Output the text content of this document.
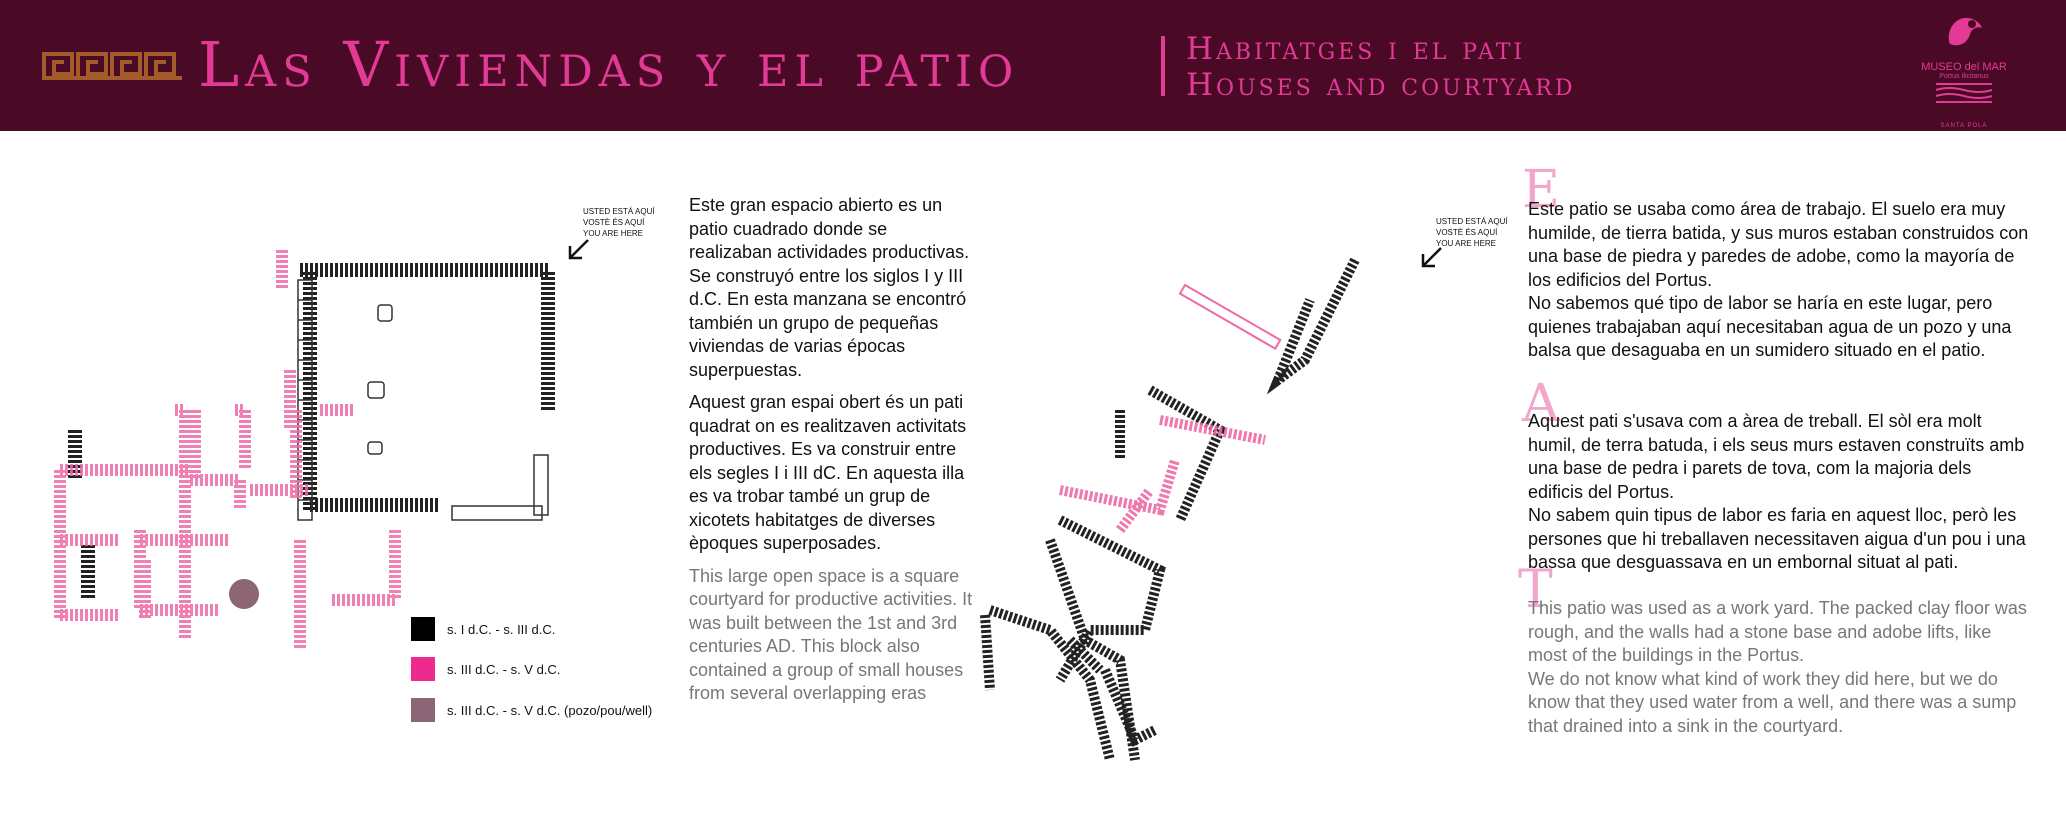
Las Viviendas y el patio	Habitatges i el pati
Houses and courtyard	MUSEO del MAR
Portus Ilicitanus
SANTA POLA
USTED ESTÁ AQUÍ
VOSTÈ ÉS AQUÍ
YOU ARE HERE
s. I d.C. - s. III d.C.
s. III d.C. - s. V d.C.
s. III d.C. - s. V d.C. (pozo/pou/well)

Este gran espacio abierto es un patio cuadrado donde se realizaban actividades productivas. Se construyó entre los siglos I y III d.C. En esta manzana se encontró también un grupo de pequeñas viviendas de varias épocas superpuestas.

Aquest gran espai obert és un pati quadrat on es realitzaven activitats productives. Es va construir entre els segles I i III dC. En aquesta illa es va trobar també un grup de xicotets habitatges de diverses èpoques superposades.

This large open space is a square courtyard for productive activities. It was built between the 1st and 3rd centuries AD. This block also contained a group of small houses from several overlapping eras

USTED ESTÁ AQUÍ
VOSTÈ ÉS AQUÍ
YOU ARE HERE
E
Este patio se usaba como área de trabajo. El suelo era muy humilde, de tierra batida, y sus muros estaban construidos con una base de piedra y paredes de adobe, como la mayoría de los edificios del Portus.
No sabemos qué tipo de labor se haría en este lugar, pero quienes trabajaban aquí necesitaban agua de un pozo y una balsa que desaguaba en un sumidero situado en el patio.
A
Aquest pati s'usava com a àrea de treball. El sòl era molt humil, de terra batuda, i els seus murs estaven construïts amb una base de pedra i parets de tova, com la majoria dels edificis del Portus.
No sabem quin tipus de labor es faria en aquest lloc, però les persones que hi treballaven necessitaven aigua d'un pou i una bassa que desguassava en un embornal situat al pati.
T
This patio was used as a work yard. The packed clay floor was rough, and the walls had a stone base and adobe lifts, like most of the buildings in the Portus.
We do not know what kind of work they did here, but we do know that they used water from a well, and there was a sump that drained into a sink in the courtyard.
